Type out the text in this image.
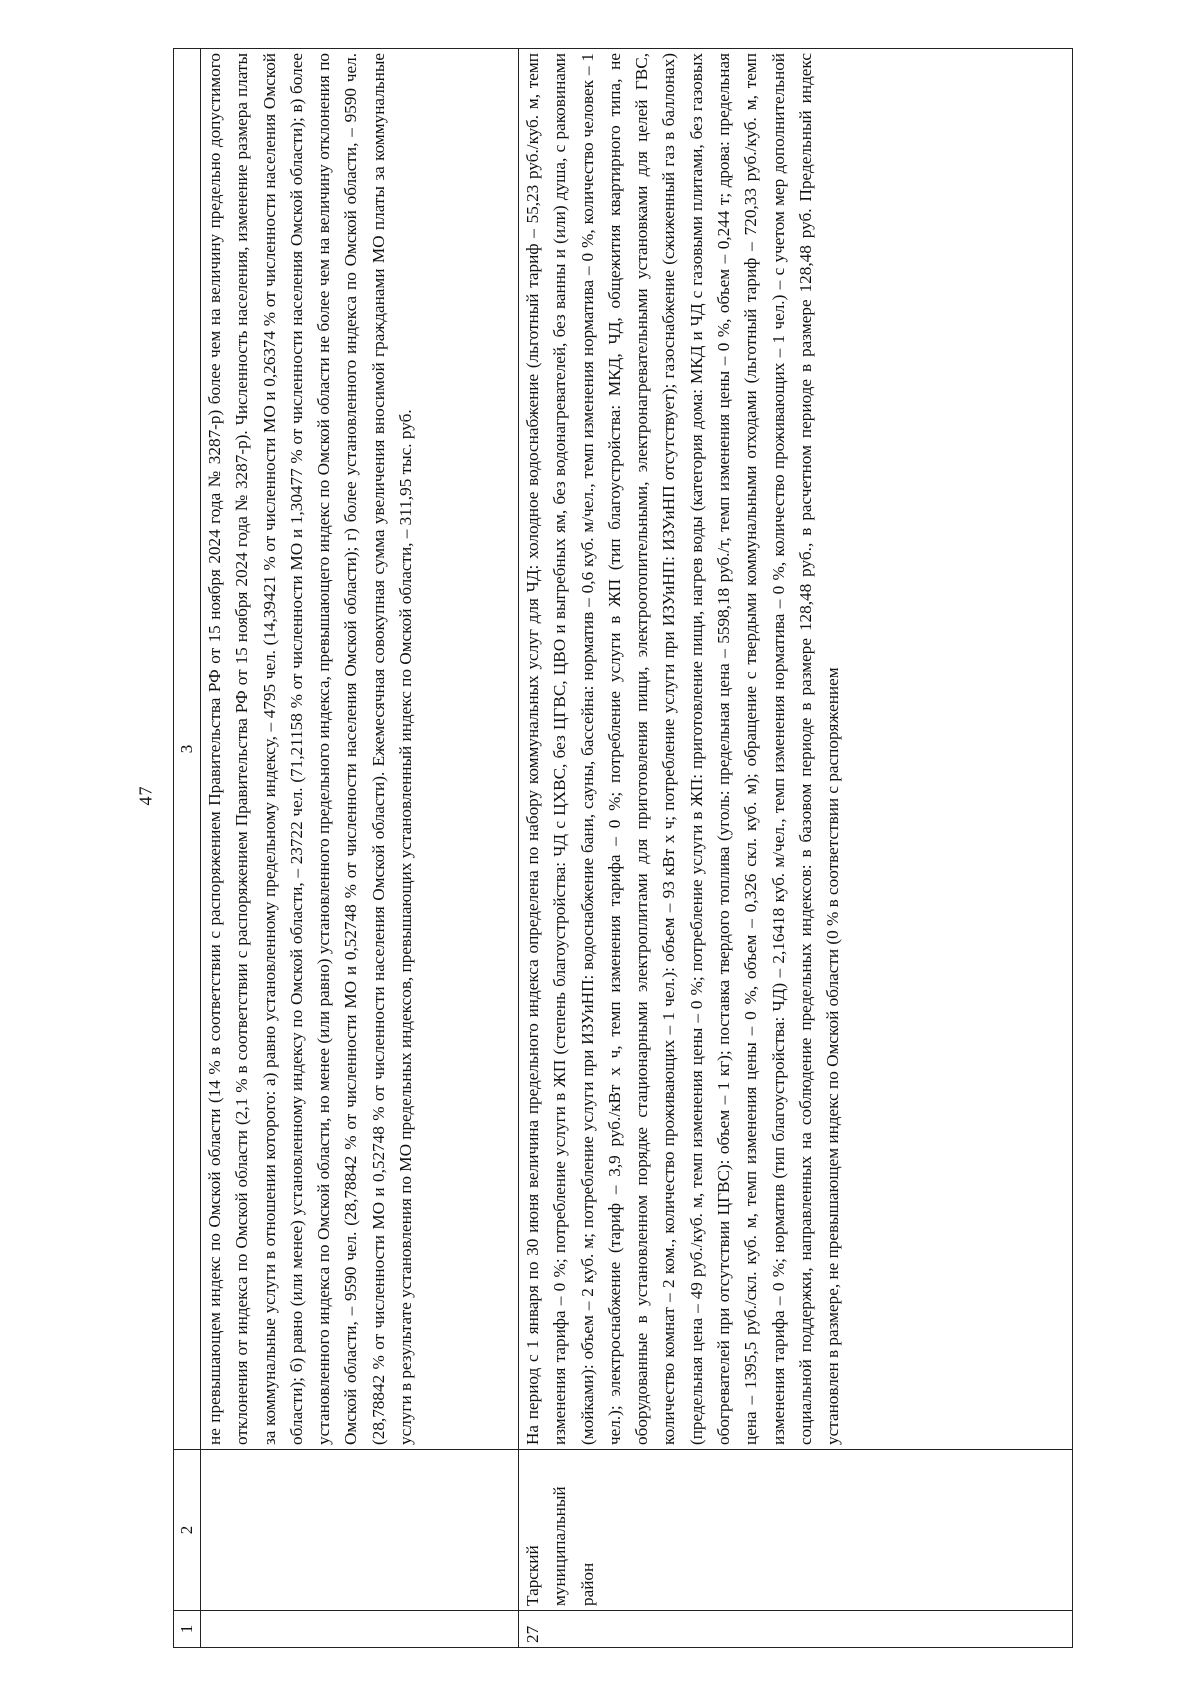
47
1	2	3
		не превышающем индекс по Омской области (14 % в соответствии с распоряжением Правительства РФ от 15 ноября 2024 года № 3287-р) более чем на величину предельно допустимого отклонения от индекса по Омской области (2,1 % в соответствии с распоряжением Правительства РФ от 15 ноября 2024 года № 3287-р). Численность населения, изменение размера платы за коммунальные услуги в отношении которого: а) равно установленному предельному индексу, – 4795 чел. (14,39421 % от численности МО и 0,26374 % от численности населения Омской области); б) равно (или менее) установленному индексу по Омской области, – 23722 чел. (71,21158 % от численности МО и 1,30477 % от численности населения Омской области); в) более установленного индекса по Омской области, но менее (или равно) установленного предельного индекса, превышающего индекс по Омской области не более чем на величину отклонения по Омской области, – 9590 чел. (28,78842 % от численности МО и 0,52748 % от численности населения Омской области); г) более установленного индекса по Омской области, – 9590 чел. (28,78842 % от численности МО и 0,52748 % от численности населения Омской области). Ежемесячная совокупная сумма увеличения вносимой гражданами МО платы за коммунальные услуги в результате установления по МО предельных индексов, превышающих установленный индекс по Омской области, – 311,95 тыс. руб.
27	Тарский муниципальный район	На период с 1 января по 30 июня величина предельного индекса определена по набору коммунальных услуг для ЧД: холодное водоснабжение (льготный тариф – 55,23 руб./куб. м, темп изменения тарифа – 0 %; потребление услуги в ЖП (степень благоустройства: ЧД с ЦХВС, без ЦГВС, ЦВО и выгребных ям, без водонагревателей, без ванны и (или) душа, с раковинами (мойками): объем – 2 куб. м; потребление услуги при ИЗУиНП: водоснабжение бани, сауны, бассейна: норматив – 0,6 куб. м/чел., темп изменения норматива – 0 %, количество человек – 1 чел.); электроснабжение (тариф – 3,9 руб./кВт х ч, темп изменения тарифа – 0 %; потребление услуги в ЖП (тип благоустройства: МКД, ЧД, общежития квартирного типа, не оборудованные в установленном порядке стационарными электроплитами для приготовления пищи, электроотопительными, электронагревательными установками для целей ГВС, количество комнат – 2 ком., количество проживающих – 1 чел.): объем – 93 кВт х ч; потребление услуги при ИЗУиНП: ИЗУиНП отсутствует); газоснабжение (сжиженный газ в баллонах) (предельная цена – 49 руб./куб. м, темп изменения цены – 0 %; потребление услуги в ЖП: приготовление пищи, нагрев воды (категория дома: МКД и ЧД с газовыми плитами, без газовых обогревателей при отсутствии ЦГВС): объем – 1 кг); поставка твердого топлива (уголь: предельная цена – 5598,18 руб./т, темп изменения цены – 0 %, объем – 0,244 т; дрова: предельная цена – 1395,5 руб./скл. куб. м, темп изменения цены – 0 %, объем – 0,326 скл. куб. м); обращение с твердыми коммунальными отходами (льготный тариф – 720,33 руб./куб. м, темп изменения тарифа – 0 %; норматив (тип благоустройства: ЧД) – 2,16418 куб. м/чел., темп изменения норматива – 0 %, количество проживающих – 1 чел.) – с учетом мер дополнительной социальной поддержки, направленных на соблюдение предельных индексов: в базовом периоде в размере 128,48 руб., в расчетном периоде в размере 128,48 руб. Предельный индекс установлен в размере, не превышающем индекс по Омской области (0 % в соответствии с распоряжением
